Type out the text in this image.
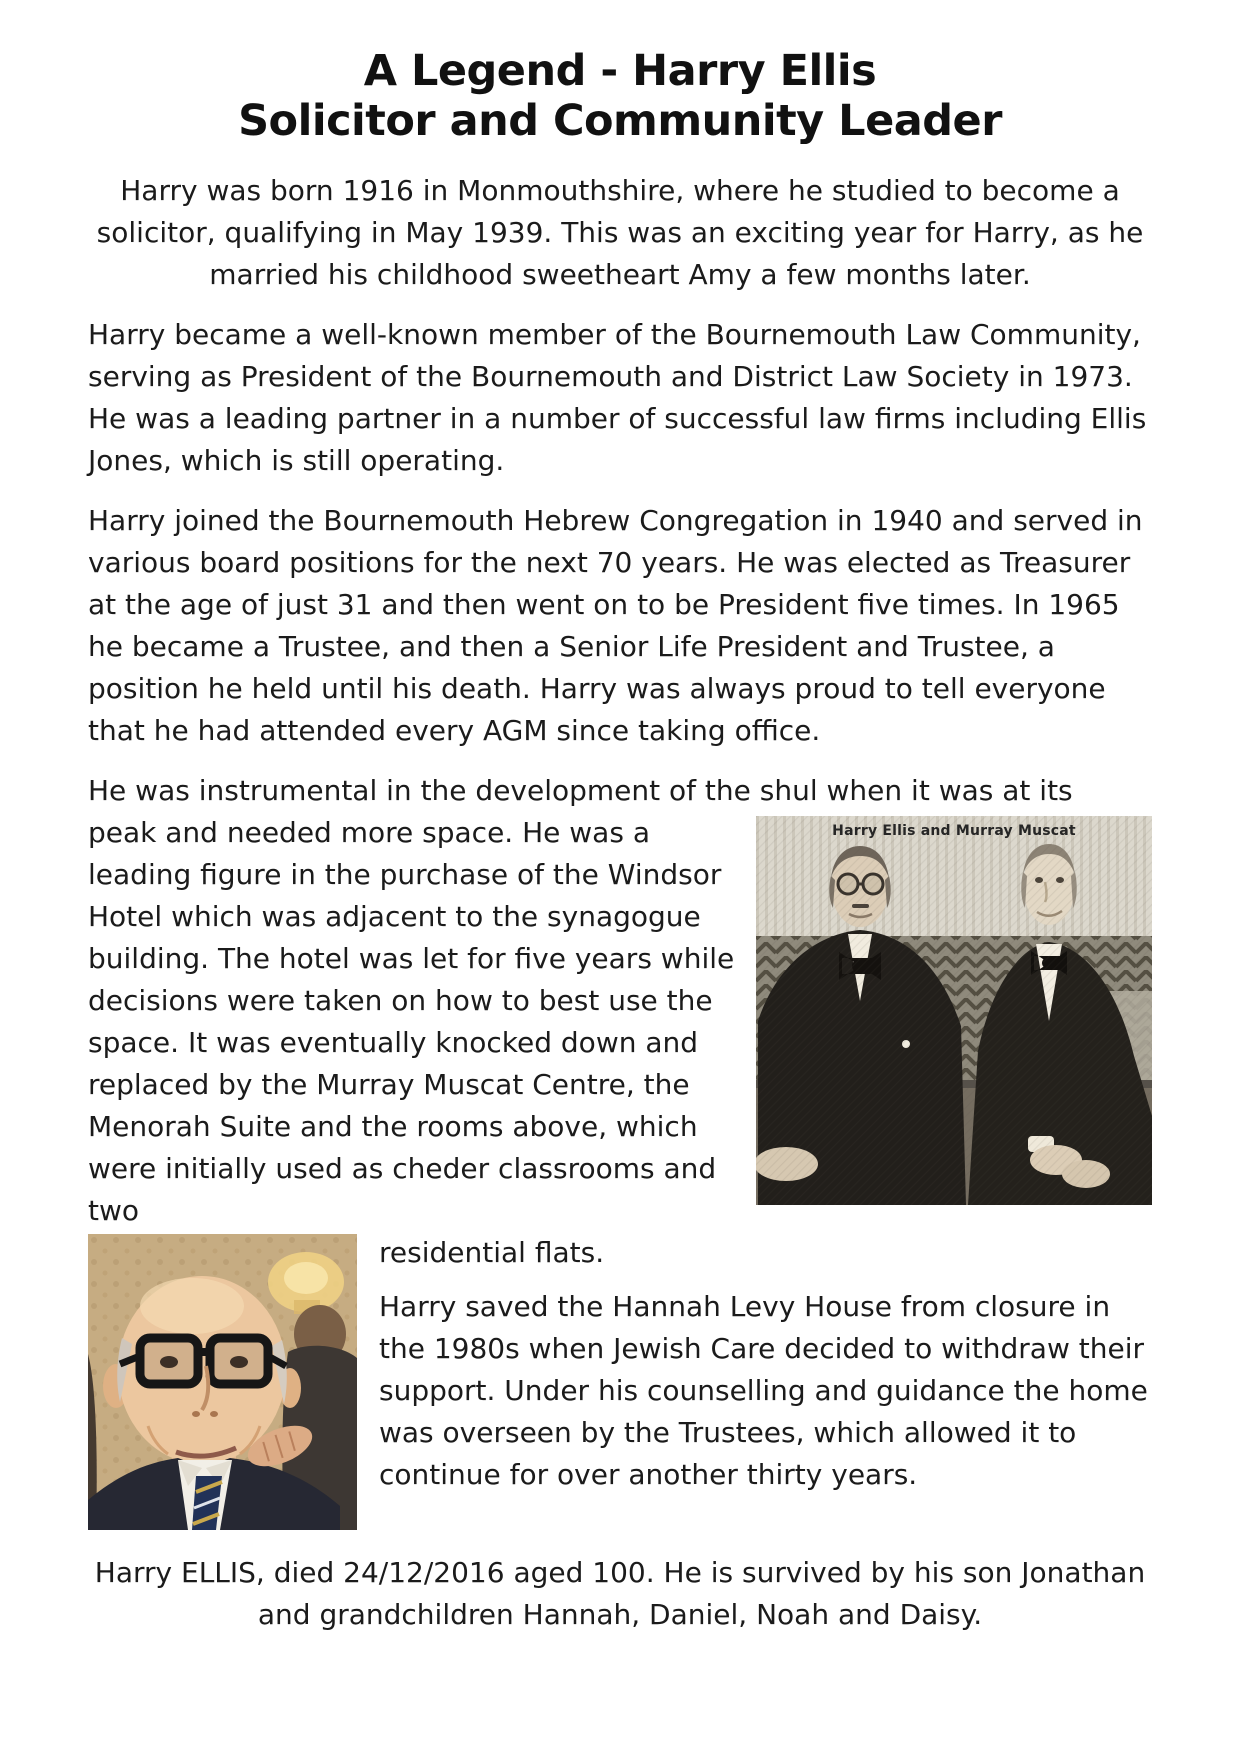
A Legend - Harry Ellis
Solicitor and Community Leader

Harry was born 1916 in Monmouthshire, where he studied to become a solicitor, qualifying in May 1939. This was an exciting year for Harry, as he married his childhood sweetheart Amy a few months later.

Harry became a well-known member of the Bournemouth Law Community, serving as President of the Bournemouth and District Law Society in 1973. He was a leading partner in a number of successful law firms including Ellis Jones, which is still operating.

Harry joined the Bournemouth Hebrew Congregation in 1940 and served in various board positions for the next 70 years. He was elected as Treasurer at the age of just 31 and then went on to be President five times. In 1965 he became a Trustee, and then a Senior Life President and Trustee, a position he held until his death. Harry was always proud to tell everyone that he had attended every AGM since taking office.

He was instrumental in the development of the shul when it was at its

Harry Ellis and Murray Muscat

peak and needed more space. He was a leading figure in the purchase of the Windsor Hotel which was adjacent to the synagogue building. The hotel was let for five years while decisions were taken on how to best use the space. It was eventually knocked down and replaced by the Murray Muscat Centre, the Menorah Suite and the rooms above, which were initially used as cheder classrooms and two

residential flats.

Harry saved the Hannah Levy House from closure in the 1980s when Jewish Care decided to withdraw their support. Under his counselling and guidance the home was overseen by the Trustees, which allowed it to continue for over another thirty years.

Harry ELLIS, died 24/12/2016 aged 100. He is survived by his son Jonathan and grandchildren Hannah, Daniel, Noah and Daisy.
